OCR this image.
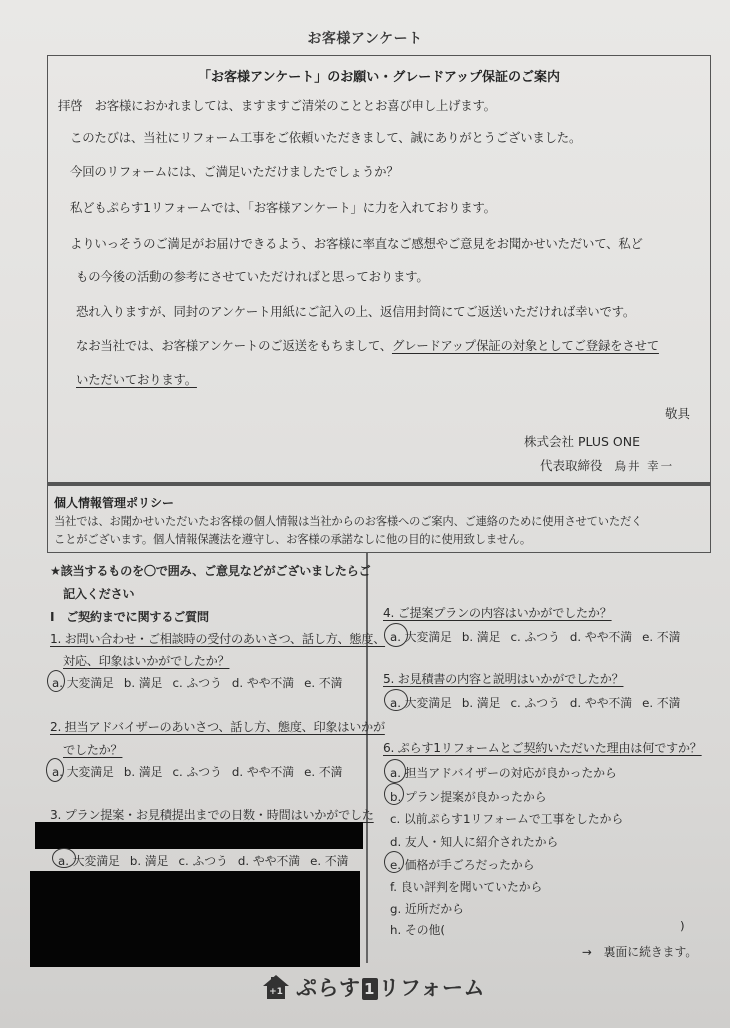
お客様アンケート
「お客様アンケート」のお願い・グレードアップ保証のご案内
拝啓　お客様におかれましては、ますますご清栄のこととお喜び申し上げます。
このたびは、当社にリフォーム工事をご依頼いただきまして、誠にありがとうございました。
今回のリフォームには、ご満足いただけましたでしょうか？
私どもぷらす1リフォームでは、「お客様アンケート」に力を入れております。
よりいっそうのご満足がお届けできるよう、お客様に率直なご感想やご意見をお聞かせいただいて、私ど
もの今後の活動の参考にさせていただければと思っております。
恐れ入りますが、同封のアンケート用紙にご記入の上、返信用封筒にてご返送いただければ幸いです。
なお当社では、お客様アンケートのご返送をもちまして、グレードアップ保証の対象としてご登録をさせて
いただいております。
敬具
株式会社 PLUS ONE
代表取締役 鳥井 幸一
個人情報管理ポリシー
当社では、お聞かせいただいたお客様の個人情報は当社からのお客様へのご案内、ご連絡のために使用させていただく
ことがございます。個人情報保護法を遵守し、お客様の承諾なしに他の目的に使用致しません。
★該当するものを〇で囲み、ご意見などがございましたらご
記入ください
Ⅰ　ご契約までに関するご質問
1. お問い合わせ・ご相談時の受付のあいさつ、話し方、態度、
対応、印象はいかがでしたか？
a. 大変満足 b. 満足 c. ふつう d. やや不満 e. 不満
2. 担当アドバイザーのあいさつ、話し方、態度、印象はいかが
でしたか？
a. 大変満足 b. 満足 c. ふつう d. やや不満 e. 不満
3. プラン提案・お見積提出までの日数・時間はいかがでした
a. 大変満足 b. 満足 c. ふつう d. やや不満 e. 不満
4. ご提案プランの内容はいかがでしたか？
a. 大変満足 b. 満足 c. ふつう d. やや不満 e. 不満
5. お見積書の内容と説明はいかがでしたか？
a. 大変満足 b. 満足 c. ふつう d. やや不満 e. 不満
6. ぷらす1リフォームとご契約いただいた理由は何ですか？
a. 担当アドバイザーの対応が良かったから
b. プラン提案が良かったから
c. 以前ぷらす1リフォームで工事をしたから
d. 友人・知人に紹介されたから
e. 価格が手ごろだったから
f. 良い評判を聞いていたから
g. 近所だから
h. その他(	)
→　裏面に続きます。
+1 ぷらす 1 リフォーム
